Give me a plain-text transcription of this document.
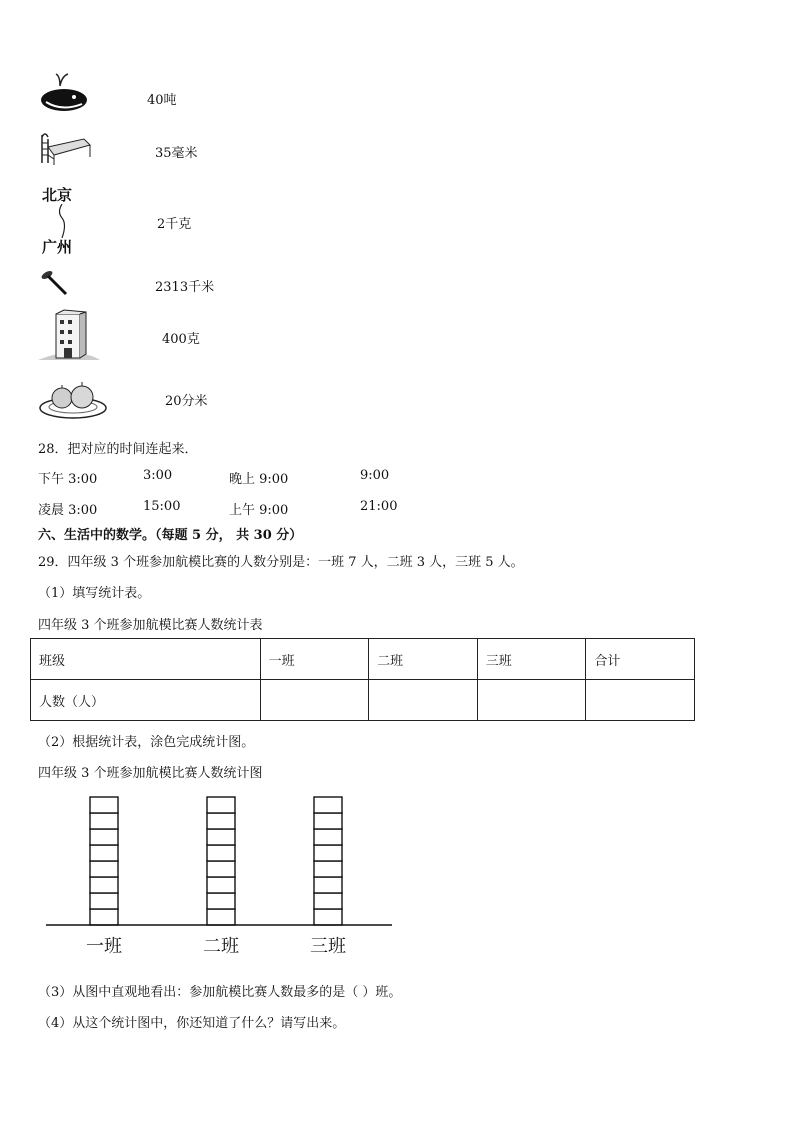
40吨
35毫米
北京
广州
2千克
2313千米
400克
20分米
28．把对应的时间连起来．
下午 3:00	3:00	晚上 9:00	9:00
凌晨 3:00	15:00	上午 9:00	21:00
六、生活中的数学。（每题 5 分， 共 30 分）
29．四年级 3 个班参加航模比赛的人数分别是：一班 7 人，二班 3 人，三班 5 人。
（1）填写统计表。
四年级 3 个班参加航模比赛人数统计表
班级	一班	二班	三班	合计
人数（人）				
（2）根据统计表，涂色完成统计图。
四年级 3 个班参加航模比赛人数统计图
一班	二班	三班
（3）从图中直观地看出：参加航模比赛人数最多的是（ ）班。
（4）从这个统计图中，你还知道了什么？请写出来。
